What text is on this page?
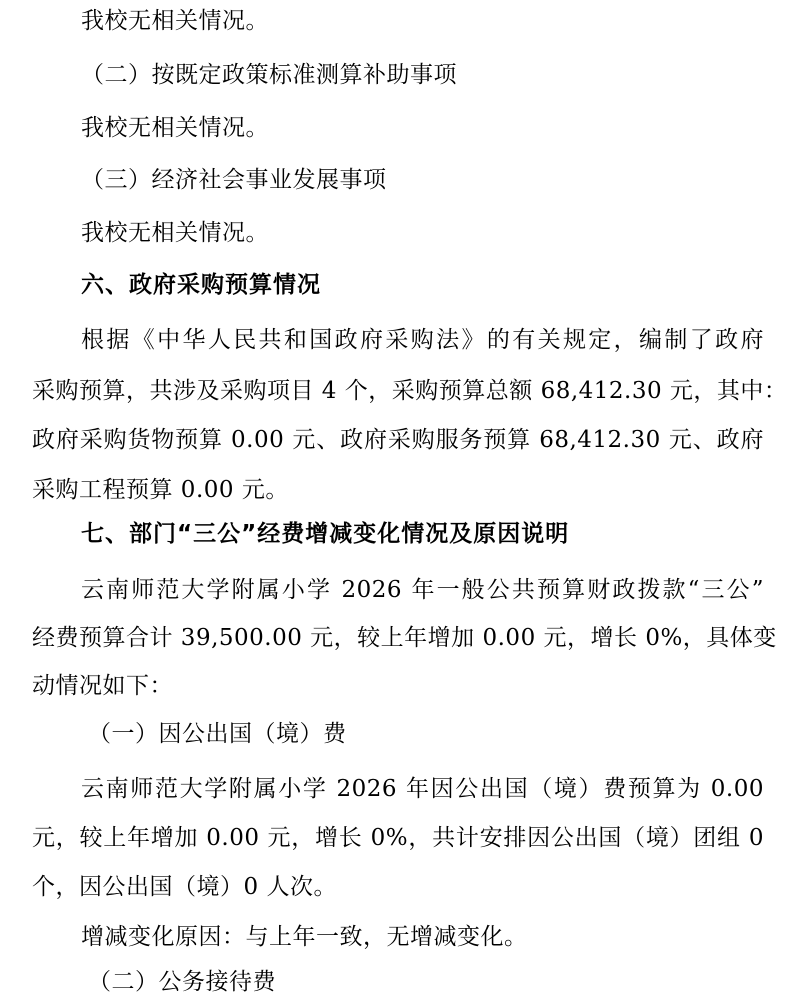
我校无相关情况。
（二）按既定政策标准测算补助事项
我校无相关情况。
（三）经济社会事业发展事项
我校无相关情况。
六、政府采购预算情况
根据《中华人民共和国政府采购法》的有关规定，编制了政府
采购预算，共涉及采购项目 4 个，采购预算总额 68,412.30 元，其中：
政府采购货物预算 0.00 元、政府采购服务预算 68,412.30 元、政府
采购工程预算 0.00 元。
七、部门“三公”经费增减变化情况及原因说明
云南师范大学附属小学 2026 年一般公共预算财政拨款“三公”
经费预算合计 39,500.00 元，较上年增加 0.00 元，增长 0%，具体变
动情况如下：
（一）因公出国（境）费
云南师范大学附属小学 2026 年因公出国（境）费预算为 0.00
元，较上年增加 0.00 元，增长 0%，共计安排因公出国（境）团组 0
个，因公出国（境）0 人次。
增减变化原因：与上年一致，无增减变化。
（二）公务接待费
